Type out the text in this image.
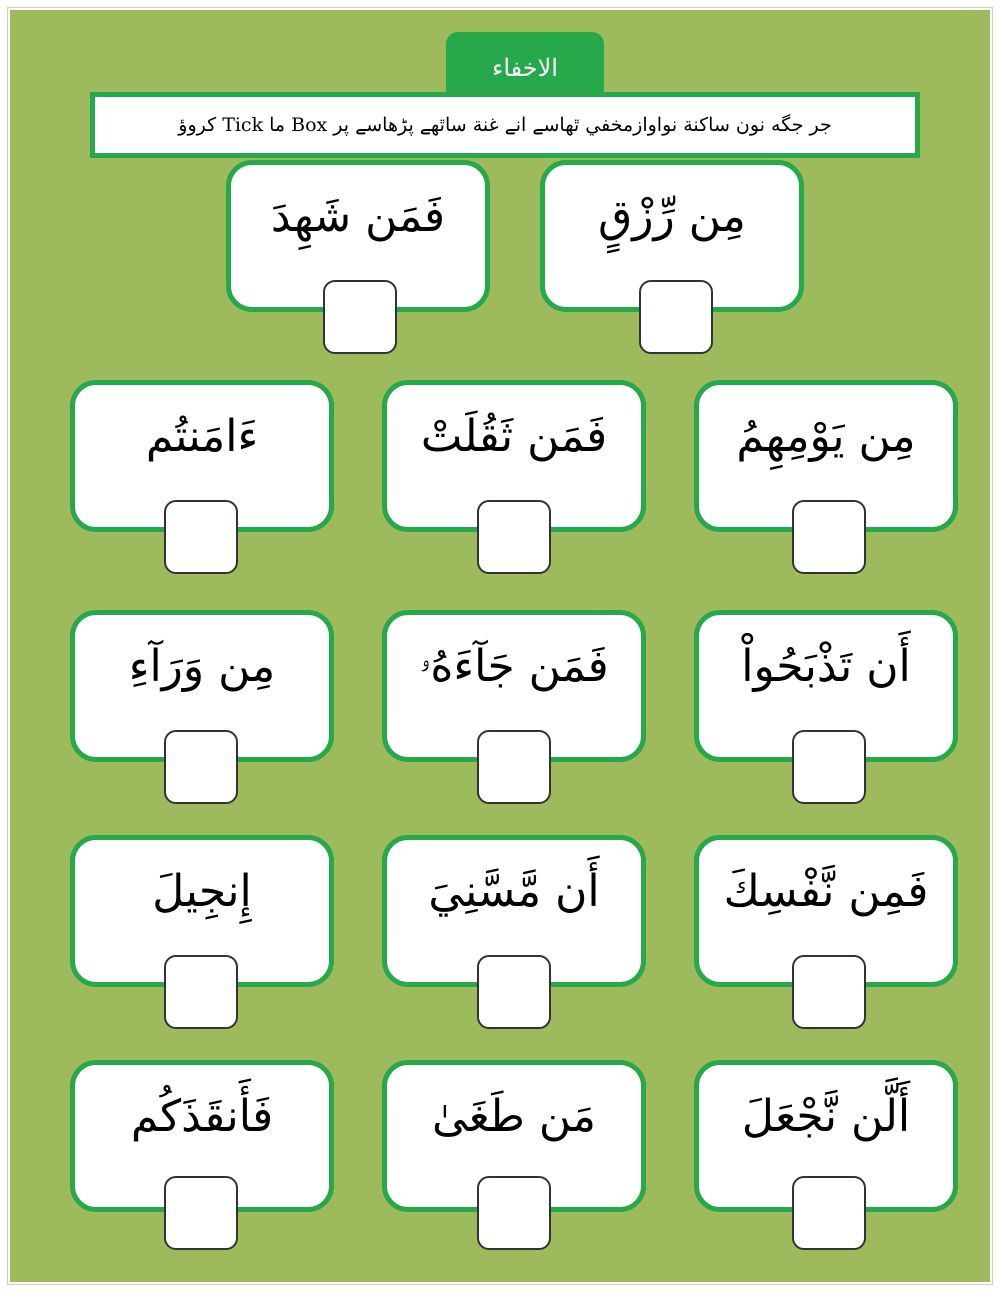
الاخفاء
جر جگه نون ساكنة نواوازمخفي ٿهاسے انے غنة ساٿهے پڑهاسے پر Box ما Tick كروؤ
مِن رِّزْقٍ
فَمَن شَهِدَ
مِن يَوْمِهِمُ
فَمَن ثَقُلَتْ
ءَامَنتُم
أَن تَذْبَحُواْ
فَمَن جَآءَهُۥ
مِن وَرَآءِ
فَمِن نَّفْسِكَ
أَن مَّسَّنِيَ
إِنجِيلَ
أَلَّن نَّجْعَلَ
مَن طَغَىٰ
فَأَنقَذَكُم
